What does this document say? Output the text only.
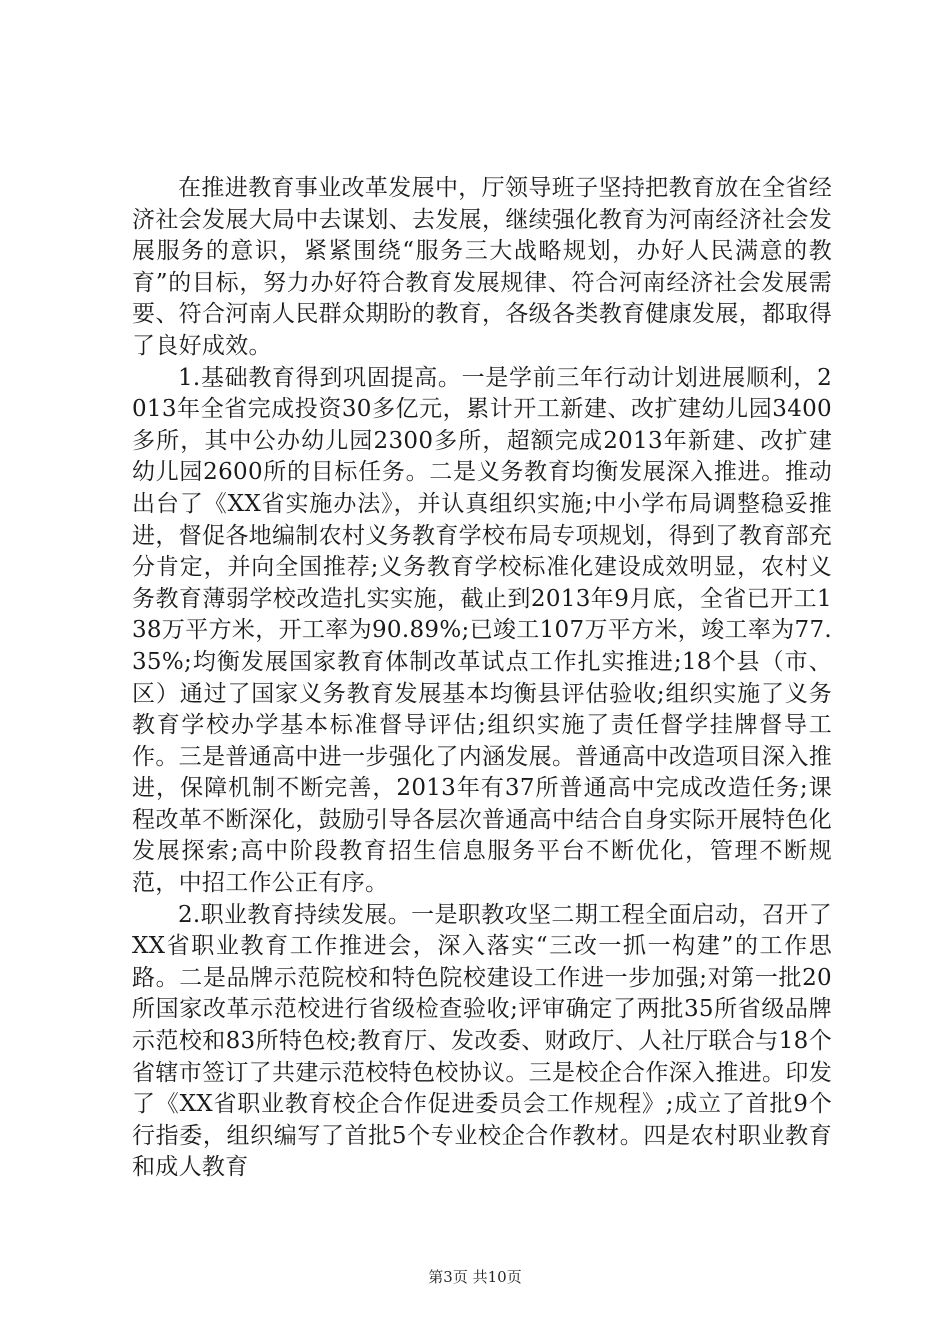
在推进教育事业改革发展中，厅领导班子坚持把教育放在全省经济社会发展大局中去谋划、去发展，继续强化教育为河南经济社会发展服务的意识，紧紧围绕“服务三大战略规划，办好人民满意的教育”的目标，努力办好符合教育发展规律、符合河南经济社会发展需要、符合河南人民群众期盼的教育，各级各类教育健康发展，都取得了良好成效。

1.基础教育得到巩固提高。一是学前三年行动计划进展顺利，2013年全省完成投资30多亿元，累计开工新建、改扩建幼儿园3400多所，其中公办幼儿园2300多所，超额完成2013年新建、改扩建幼儿园2600所的目标任务。二是义务教育均衡发展深入推进。推动出台了《XX省实施办法》，并认真组织实施;中小学布局调整稳妥推进，督促各地编制农村义务教育学校布局专项规划，得到了教育部充分肯定，并向全国推荐;义务教育学校标准化建设成效明显，农村义务教育薄弱学校改造扎实实施，截止到2013年9月底，全省已开工138万平方米，开工率为90.89%;已竣工107万平方米，竣工率为77.35%;均衡发展国家教育体制改革试点工作扎实推进;18个县（市、区）通过了国家义务教育发展基本均衡县评估验收;组织实施了义务教育学校办学基本标准督导评估;组织实施了责任督学挂牌督导工作。三是普通高中进一步强化了内涵发展。普通高中改造项目深入推进，保障机制不断完善，2013年有37所普通高中完成改造任务;课程改革不断深化，鼓励引导各层次普通高中结合自身实际开展特色化发展探索;高中阶段教育招生信息服务平台不断优化，管理不断规范，中招工作公正有序。

2.职业教育持续发展。一是职教攻坚二期工程全面启动，召开了XX省职业教育工作推进会，深入落实“三改一抓一构建”的工作思路。二是品牌示范院校和特色院校建设工作进一步加强;对第一批20所国家改革示范校进行省级检查验收;评审确定了两批35所省级品牌示范校和83所特色校;教育厅、发改委、财政厅、人社厅联合与18个省辖市签订了共建示范校特色校协议。三是校企合作深入推进。印发了《XX省职业教育校企合作促进委员会工作规程》;成立了首批9个行指委，组织编写了首批5个专业校企合作教材。四是农村职业教育和成人教育

第3页 共10页
